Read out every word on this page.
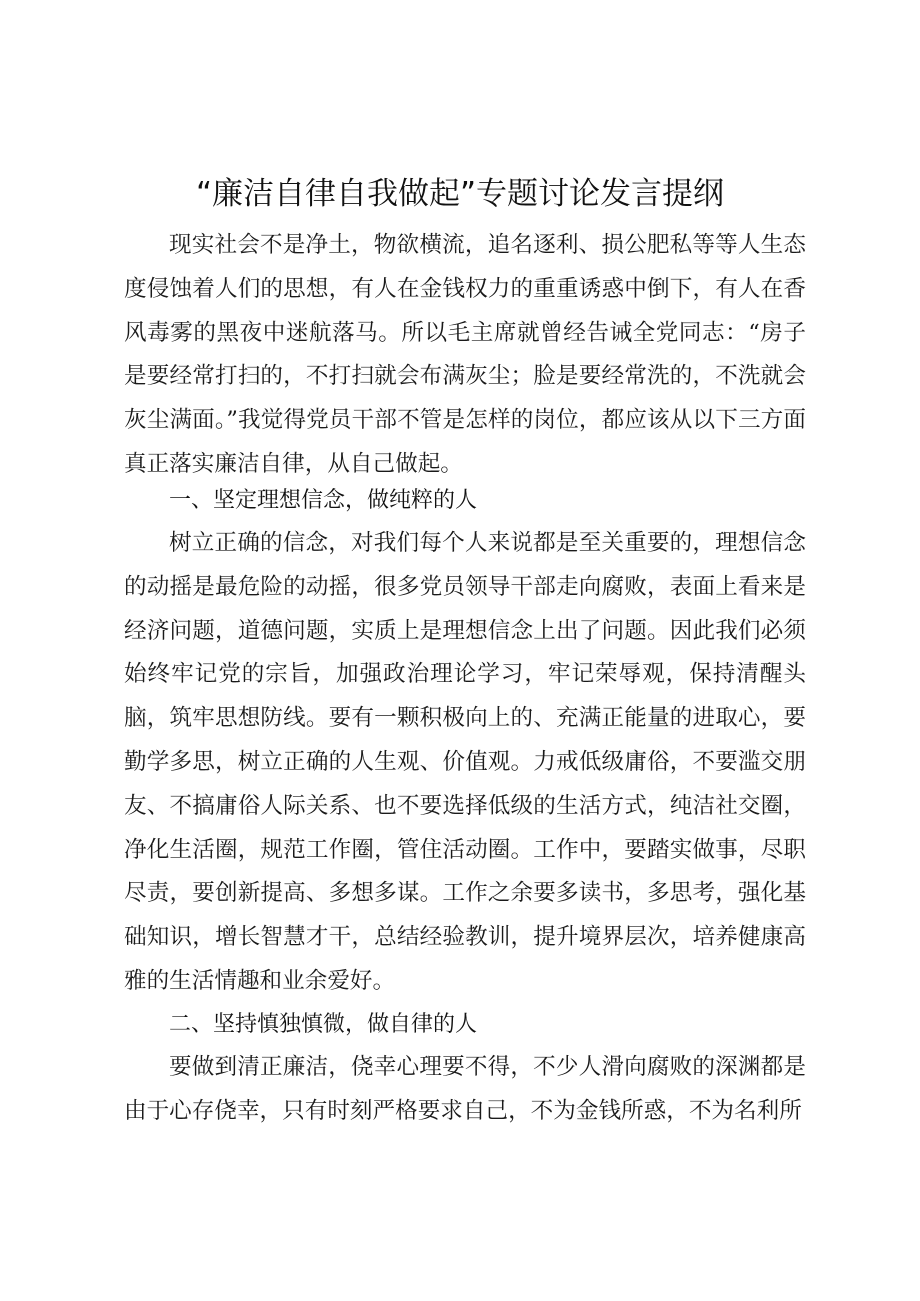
“廉洁自律自我做起”专题讨论发言提纲

现实社会不是净土，物欲横流，追名逐利、损公肥私等等人生态度侵蚀着人们的思想，有人在金钱权力的重重诱惑中倒下，有人在香风毒雾的黑夜中迷航落马。所以毛主席就曾经告诫全党同志：“房子是要经常打扫的，不打扫就会布满灰尘；脸是要经常洗的，不洗就会灰尘满面。”我觉得党员干部不管是怎样的岗位，都应该从以下三方面真正落实廉洁自律，从自己做起。

一、坚定理想信念，做纯粹的人

树立正确的信念，对我们每个人来说都是至关重要的，理想信念的动摇是最危险的动摇，很多党员领导干部走向腐败，表面上看来是经济问题，道德问题，实质上是理想信念上出了问题。因此我们必须始终牢记党的宗旨，加强政治理论学习，牢记荣辱观，保持清醒头脑，筑牢思想防线。要有一颗积极向上的、充满正能量的进取心，要勤学多思，树立正确的人生观、价值观。力戒低级庸俗，不要滥交朋友、不搞庸俗人际关系、也不要选择低级的生活方式，纯洁社交圈，净化生活圈，规范工作圈，管住活动圈。工作中，要踏实做事，尽职尽责，要创新提高、多想多谋。工作之余要多读书，多思考，强化基础知识，增长智慧才干，总结经验教训，提升境界层次，培养健康高雅的生活情趣和业余爱好。

二、坚持慎独慎微，做自律的人

要做到清正廉洁，侥幸心理要不得，不少人滑向腐败的深渊都是由于心存侥幸，只有时刻严格要求自己，不为金钱所惑，不为名利所
